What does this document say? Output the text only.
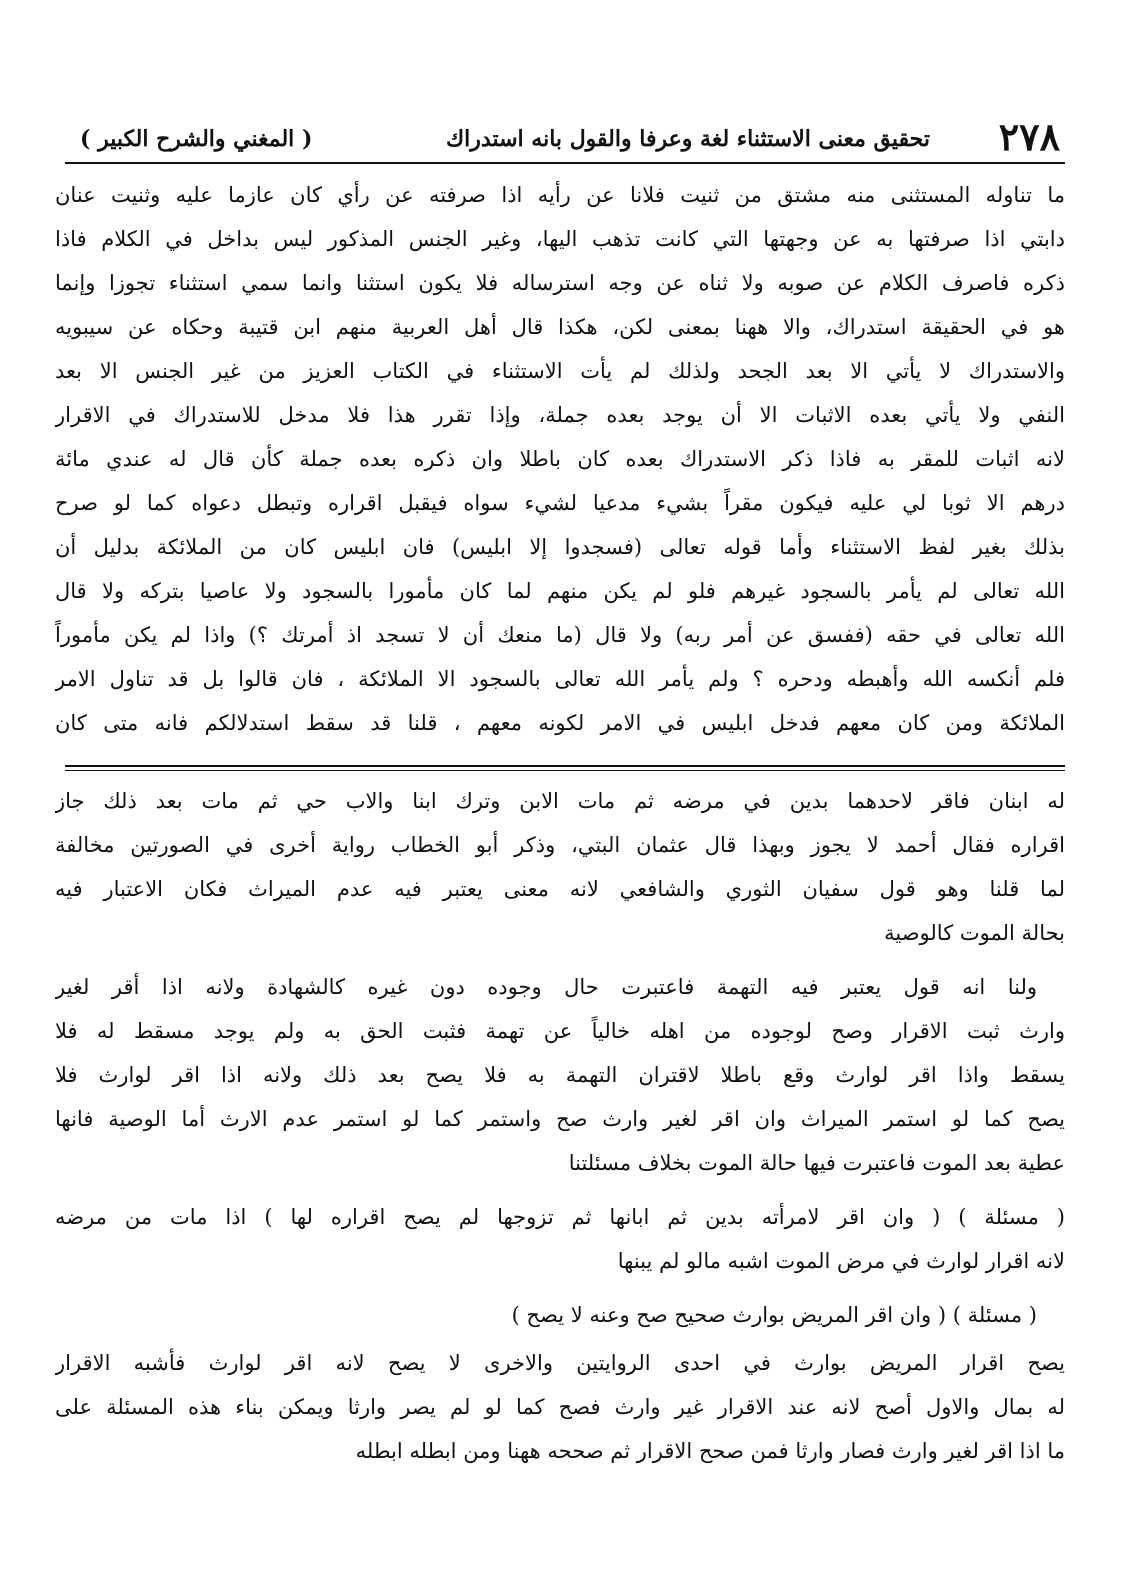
٢٧٨
تحقيق معنى الاستثناء لغة وعرفا والقول بانه استدراك
( المغني والشرح الكبير )
ما تناوله المستثنى منه مشتق من ثنيت فلانا عن رأيه اذا صرفته عن رأي كان عازما عليه وثنيت عنان
دابتي اذا صرفتها به عن وجهتها التي كانت تذهب اليها، وغير الجنس المذكور ليس بداخل في الكلام فاذا
ذكره فاصرف الكلام عن صوبه ولا ثناه عن وجه استرساله فلا يكون استثنا وانما سمي استثناء تجوزا وإنما
هو في الحقيقة استدراك، والا ههنا بمعنى لكن، هكذا قال أهل العربية منهم ابن قتيبة وحكاه عن سيبويه
والاستدراك لا يأتي الا بعد الجحد ولذلك لم يأت الاستثناء في الكتاب العزيز من غير الجنس الا بعد
النفي ولا يأتي بعده الاثبات الا أن يوجد بعده جملة، وإذا تقرر هذا فلا مدخل للاستدراك في الاقرار
لانه اثبات للمقر به فاذا ذكر الاستدراك بعده كان باطلا وان ذكره بعده جملة كأن قال له عندي مائة
درهم الا ثوبا لي عليه فيكون مقراً بشيء مدعيا لشيء سواه فيقبل اقراره وتبطل دعواه كما لو صرح
بذلك بغير لفظ الاستثناء وأما قوله تعالى (فسجدوا إلا ابليس) فان ابليس كان من الملائكة بدليل أن
الله تعالى لم يأمر بالسجود غيرهم فلو لم يكن منهم لما كان مأمورا بالسجود ولا عاصيا بتركه ولا قال
الله تعالى في حقه (ففسق عن أمر ربه) ولا قال (ما منعك أن لا تسجد اذ أمرتك ؟) واذا لم يكن مأموراً
فلم أنكسه الله وأهبطه ودحره ؟ ولم يأمر الله تعالى بالسجود الا الملائكة ، فان قالوا بل قد تناول الامر
الملائكة ومن كان معهم فدخل ابليس في الامر لكونه معهم ، قلنا قد سقط استدلالكم فانه متى كان
له ابنان فاقر لاحدهما بدين في مرضه ثم مات الابن وترك ابنا والاب حي ثم مات بعد ذلك جاز
اقراره فقال أحمد لا يجوز وبهذا قال عثمان البتي، وذكر أبو الخطاب رواية أخرى في الصورتين مخالفة
لما قلنا وهو قول سفيان الثوري والشافعي لانه معنى يعتبر فيه عدم الميراث فكان الاعتبار فيه
بحالة الموت كالوصية
ولنا انه قول يعتبر فيه التهمة فاعتبرت حال وجوده دون غيره كالشهادة ولانه اذا أقر لغير
وارث ثبت الاقرار وصح لوجوده من اهله خالياً عن تهمة فثبت الحق به ولم يوجد مسقط له فلا
يسقط واذا اقر لوارث وقع باطلا لاقتران التهمة به فلا يصح بعد ذلك ولانه اذا اقر لوارث فلا
يصح كما لو استمر الميراث وان اقر لغير وارث صح واستمر كما لو استمر عدم الارث أما الوصية فانها
عطية بعد الموت فاعتبرت فيها حالة الموت بخلاف مسئلتنا
( مسئلة ) ( وان اقر لامرأته بدين ثم ابانها ثم تزوجها لم يصح اقراره لها ) اذا مات من مرضه
لانه اقرار لوارث في مرض الموت اشبه مالو لم يبنها
( مسئلة ) ( وان اقر المريض بوارث صحيح صح وعنه لا يصح )
يصح اقرار المريض بوارث في احدى الروايتين والاخرى لا يصح لانه اقر لوارث فأشبه الاقرار
له بمال والاول أصح لانه عند الاقرار غير وارث فصح كما لو لم يصر وارثا ويمكن بناء هذه المسئلة على
ما اذا اقر لغير وارث فصار وارثا فمن صحح الاقرار ثم صححه ههنا ومن ابطله ابطله
